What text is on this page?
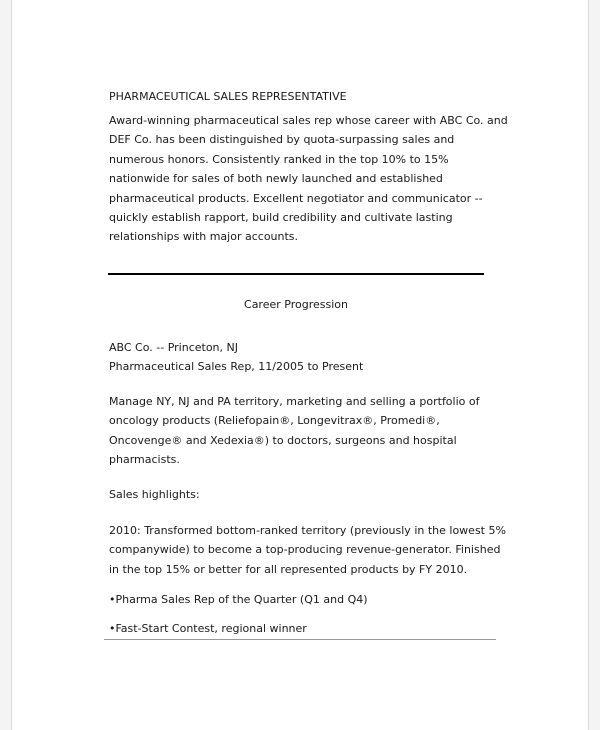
PHARMACEUTICAL SALES REPRESENTATIVE

Award-winning pharmaceutical sales rep whose career with ABC Co. and
DEF Co. has been distinguished by quota-surpassing sales and
numerous honors. Consistently ranked in the top 10% to 15%
nationwide for sales of both newly launched and established
pharmaceutical products. Excellent negotiator and communicator --
quickly establish rapport, build credibility and cultivate lasting
relationships with major accounts.

Career Progression

ABC Co. -- Princeton, NJ
Pharmaceutical Sales Rep, 11/2005 to Present

Manage NY, NJ and PA territory, marketing and selling a portfolio of
oncology products (Reliefopain®, Longevitrax®, Promedi®,
Oncovenge® and Xedexia®) to doctors, surgeons and hospital
pharmacists.

Sales highlights:

2010: Transformed bottom-ranked territory (previously in the lowest 5%
companywide) to become a top-producing revenue-generator. Finished
in the top 15% or better for all represented products by FY 2010.

•Pharma Sales Rep of the Quarter (Q1 and Q4)

•Fast-Start Contest, regional winner
